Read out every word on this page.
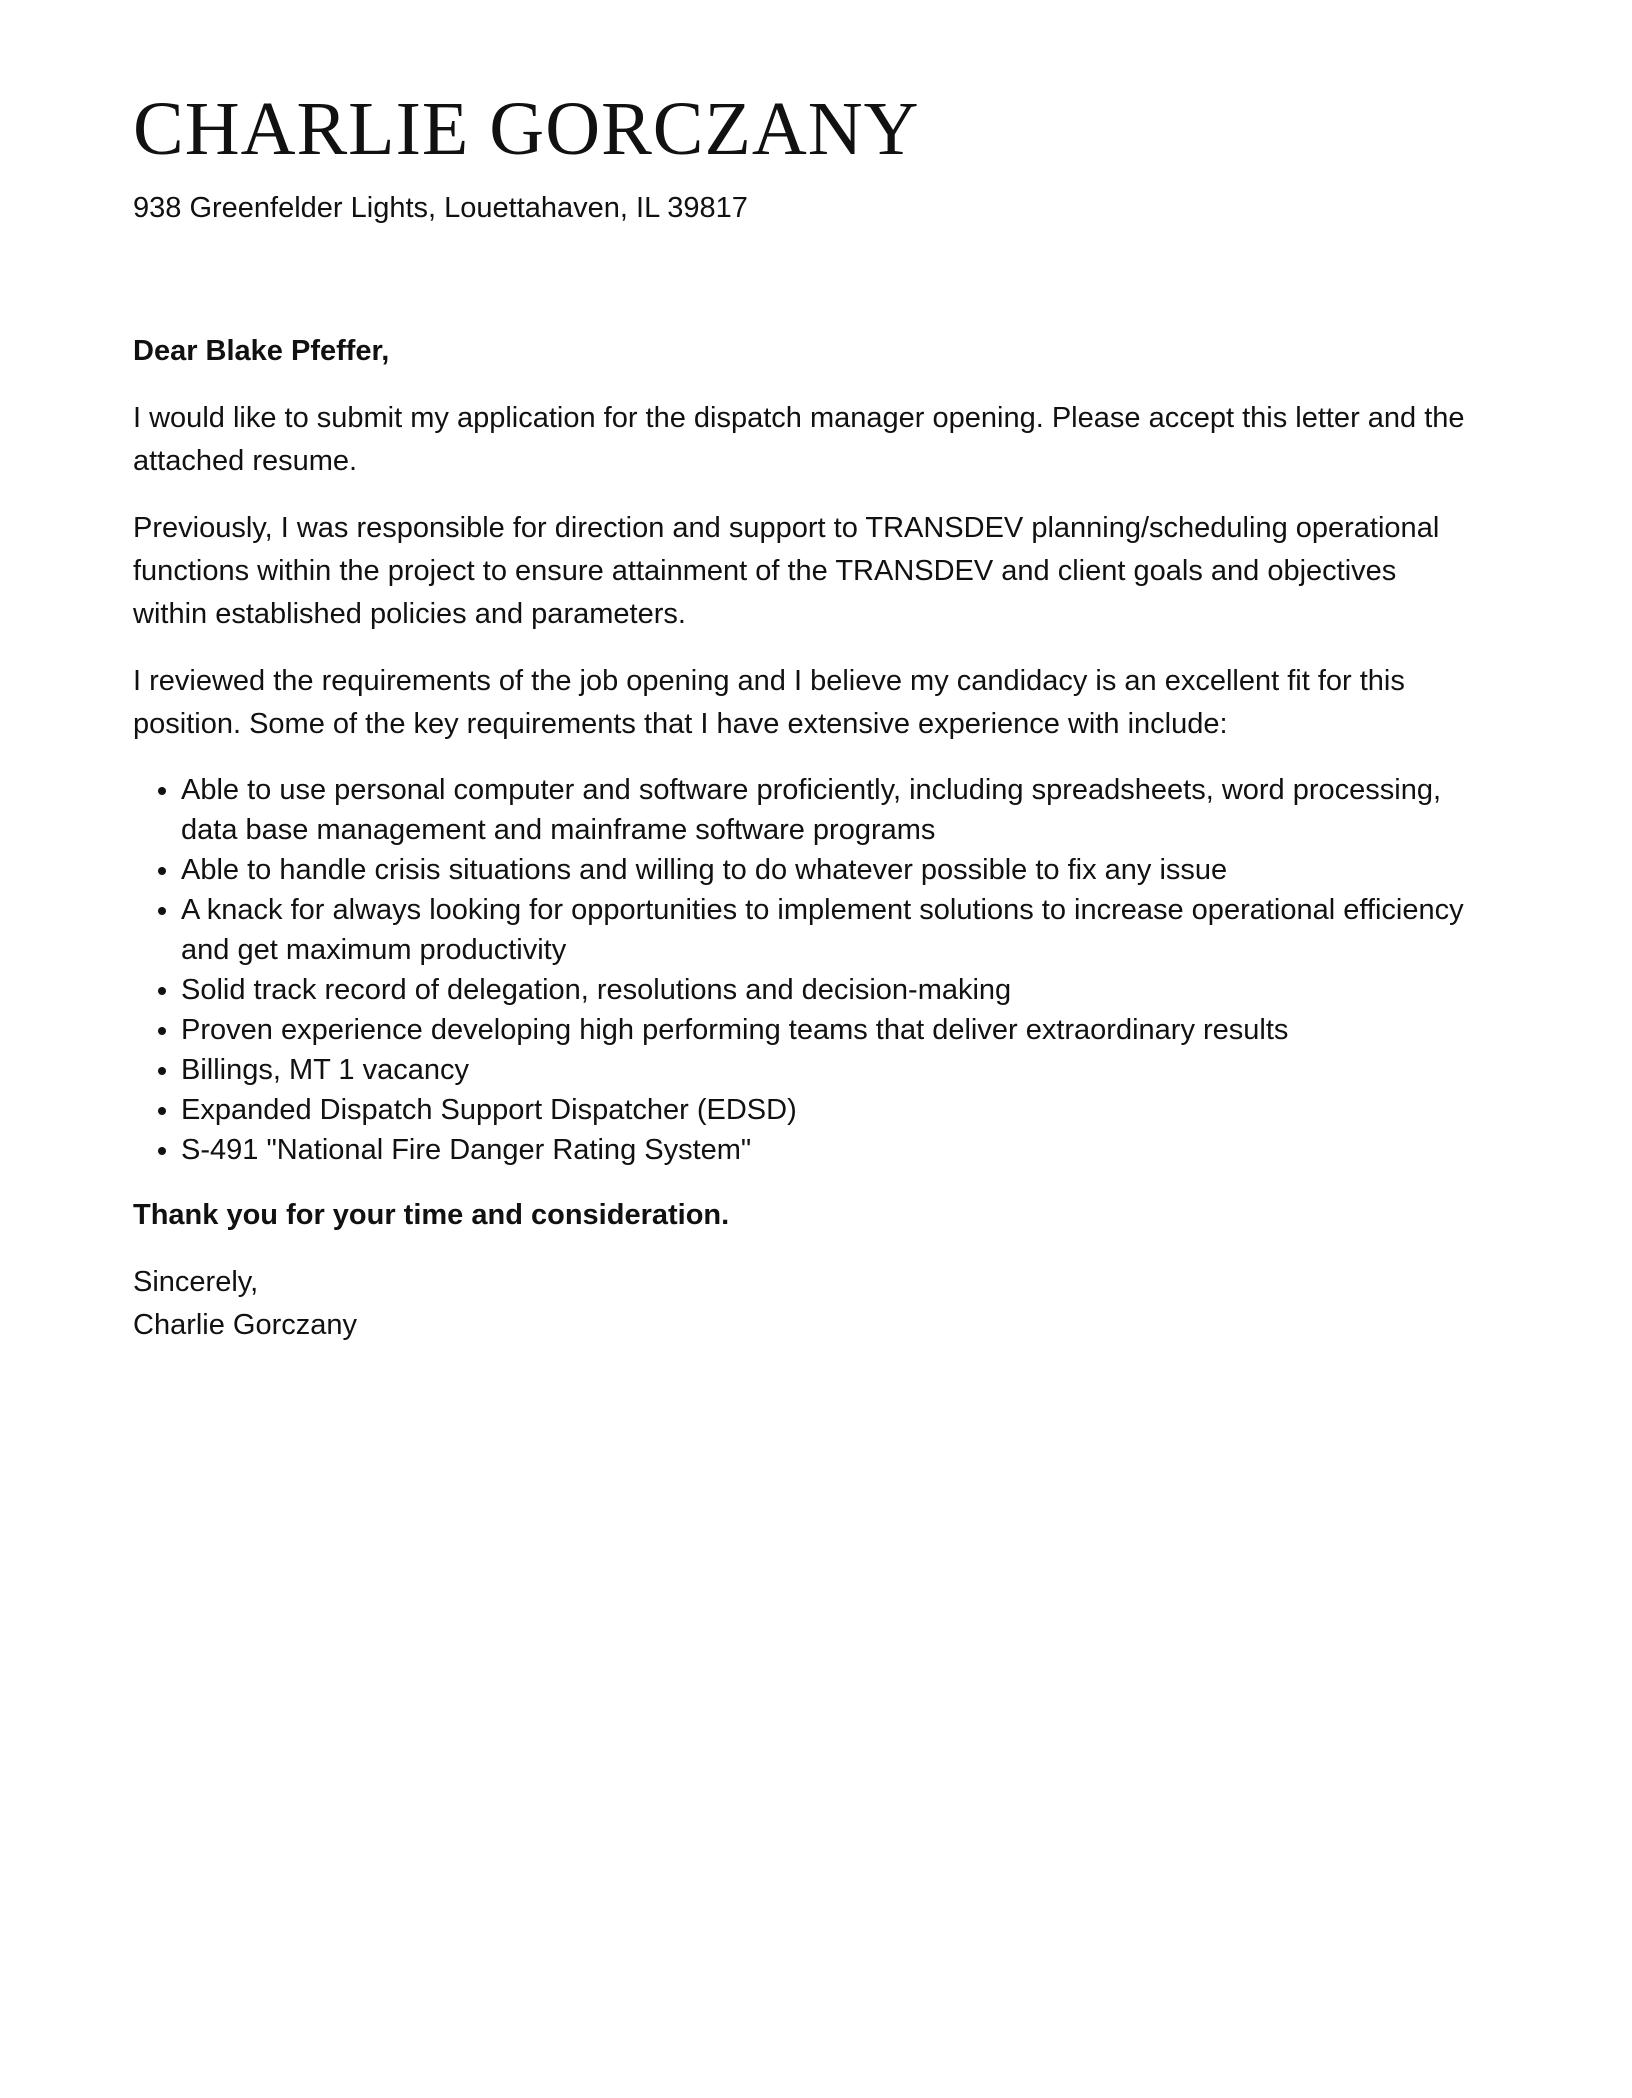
CHARLIE GORCZANY
938 Greenfelder Lights, Louettahaven, IL 39817

Dear Blake Pfeffer,

I would like to submit my application for the dispatch manager opening. Please accept this letter and the attached resume.

Previously, I was responsible for direction and support to TRANSDEV planning/scheduling operational functions within the project to ensure attainment of the TRANSDEV and client goals and objectives within established policies and parameters.

I reviewed the requirements of the job opening and I believe my candidacy is an excellent fit for this position. Some of the key requirements that I have extensive experience with include:

• Able to use personal computer and software proficiently, including spreadsheets, word processing, data base management and mainframe software programs
• Able to handle crisis situations and willing to do whatever possible to fix any issue
• A knack for always looking for opportunities to implement solutions to increase operational efficiency and get maximum productivity
• Solid track record of delegation, resolutions and decision-making
• Proven experience developing high performing teams that deliver extraordinary results
• Billings, MT 1 vacancy
• Expanded Dispatch Support Dispatcher (EDSD)
• S-491 "National Fire Danger Rating System"

Thank you for your time and consideration.

Sincerely,
Charlie Gorczany
